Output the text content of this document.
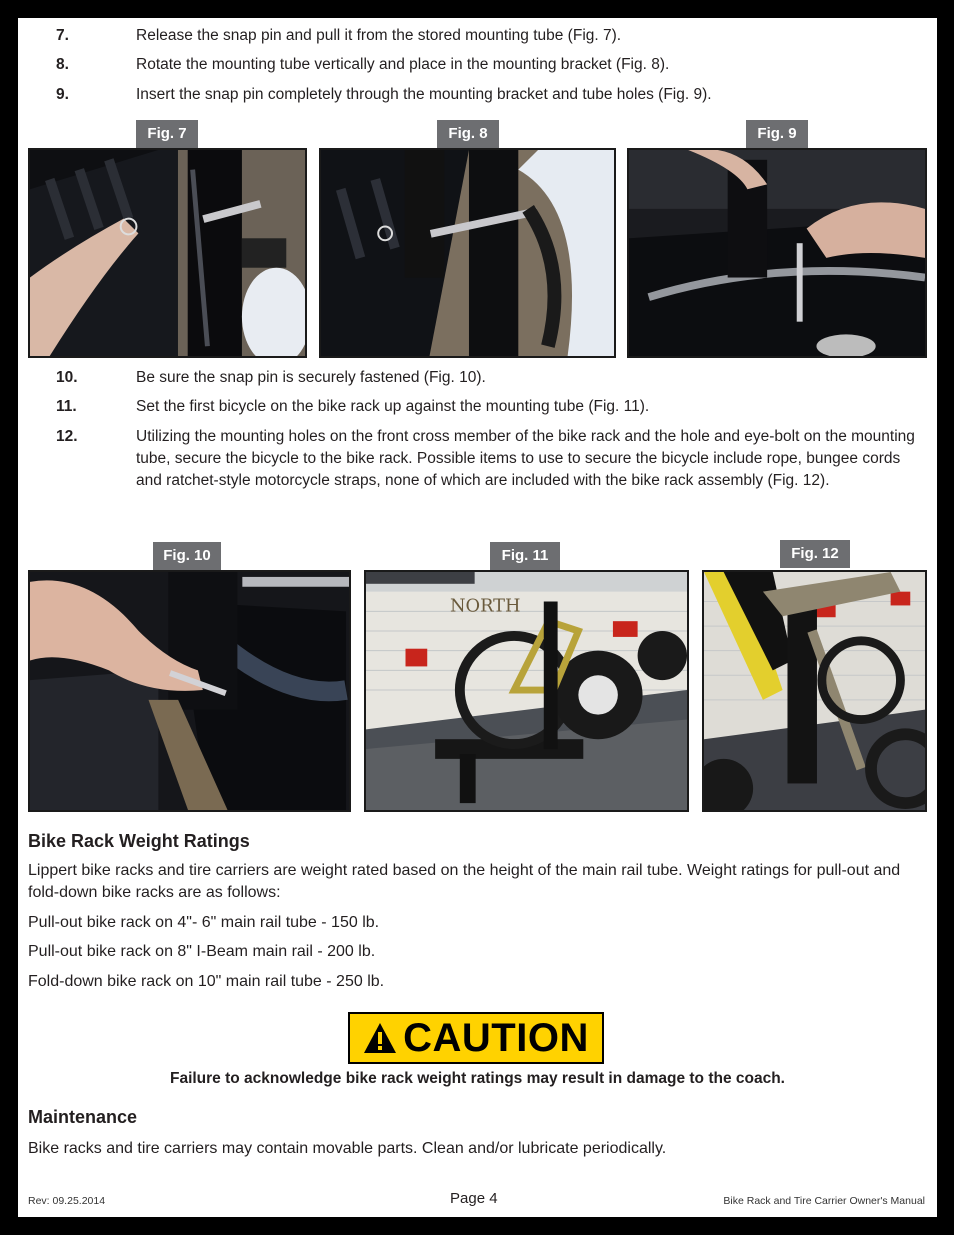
7.	Release the snap pin and pull it from the stored mounting tube (Fig. 7).
8.	Rotate the mounting tube vertically and place in the mounting bracket (Fig. 8).
9.	Insert the snap pin completely through the mounting bracket and tube holes (Fig. 9).
Fig. 7	Fig. 8	Fig. 9
10.	Be sure the snap pin is securely fastened (Fig. 10).
11.	Set the first bicycle on the bike rack up against the mounting tube (Fig. 11).
12.	Utilizing the mounting holes on the front cross member of the bike rack and the hole and eye-bolt on the mounting tube, secure the bicycle to the bike rack. Possible items to use to secure the bicycle include rope, bungee cords and ratchet-style motorcycle straps, none of which are included with the bike rack assembly (Fig. 12).
Fig. 10	Fig. 11	Fig. 12
NORTH
Bike Rack Weight Ratings
Lippert bike racks and tire carriers are weight rated based on the height of the main rail tube. Weight ratings for pull-out and fold-down bike racks are as follows:
Pull-out bike rack on 4"- 6" main rail tube - 150 lb.
Pull-out bike rack on 8" I-Beam main rail - 200 lb.
Fold-down bike rack on 10" main rail tube - 250 lb.
CAUTION
Failure to acknowledge bike rack weight ratings may result in damage to the coach.
Maintenance
Bike racks and tire carriers may contain movable parts. Clean and/or lubricate periodically.
Rev: 09.25.2014	Page 4	Bike Rack and Tire Carrier Owner's Manual
